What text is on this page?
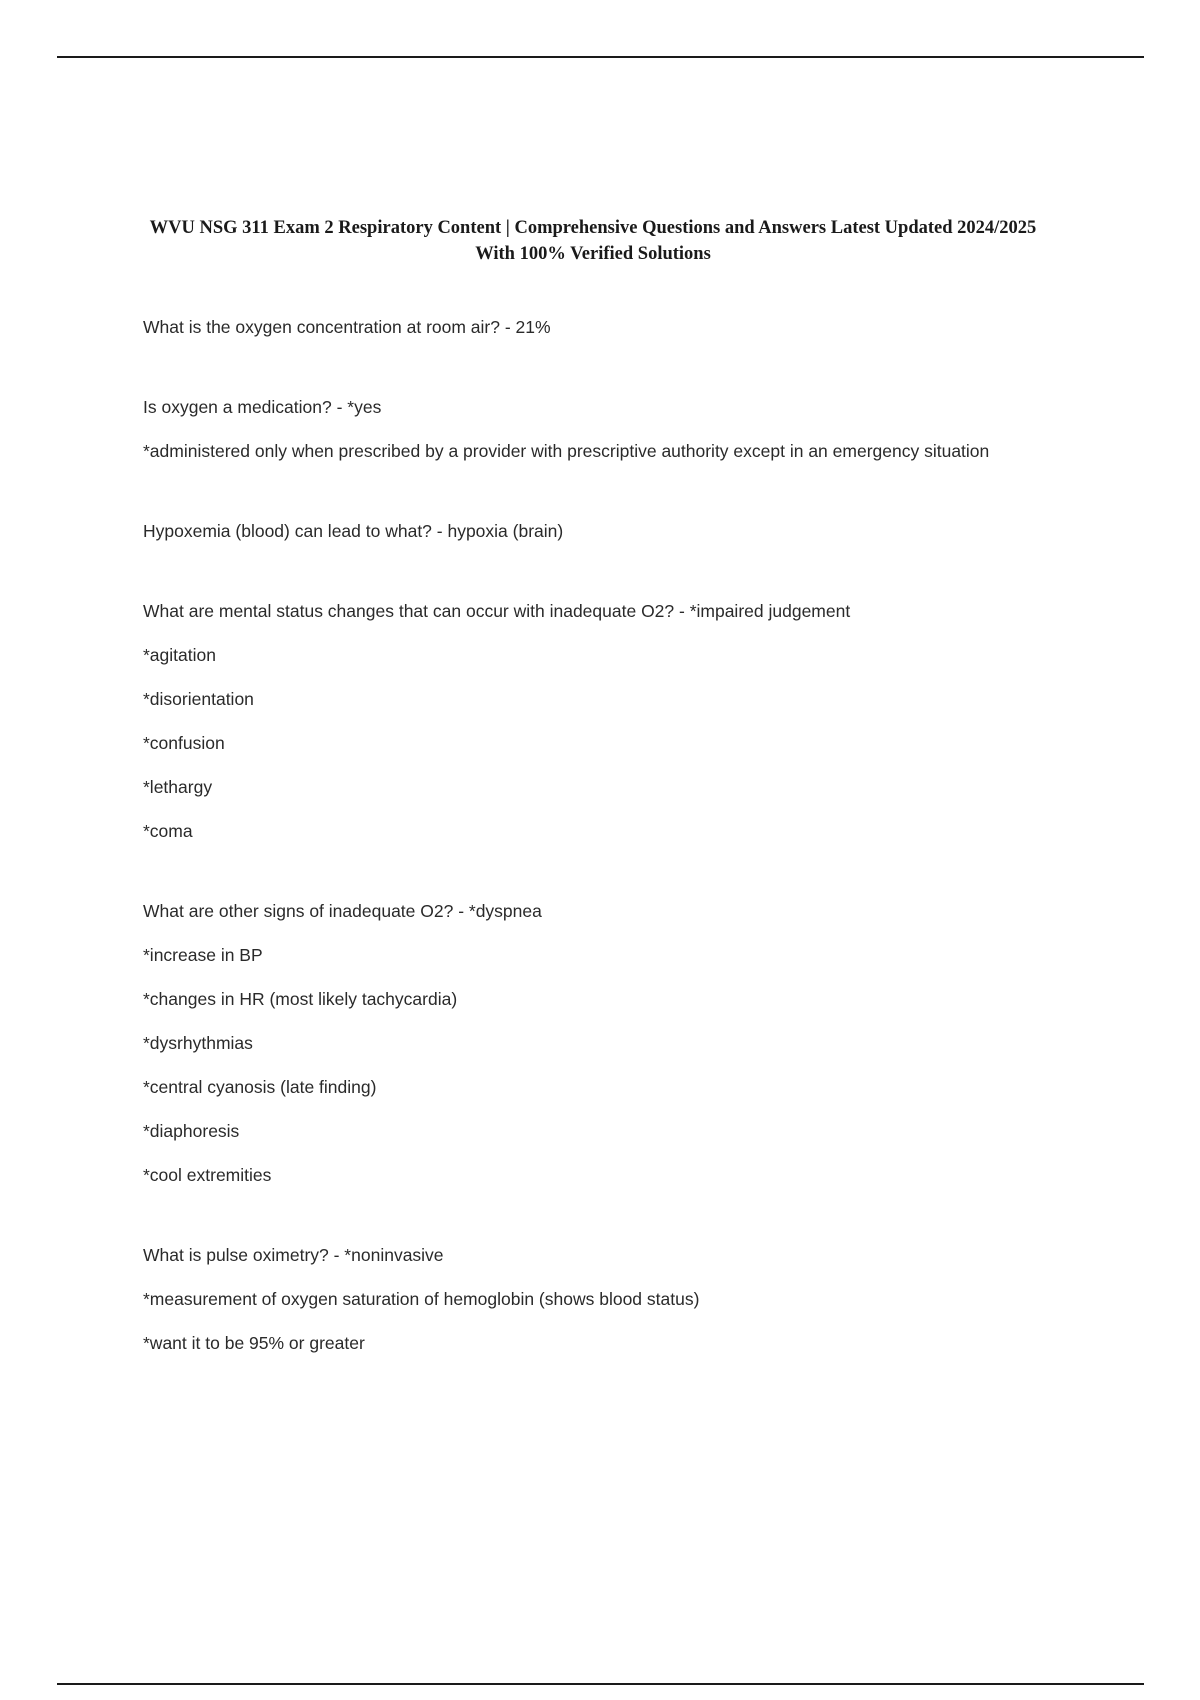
WVU NSG 311 Exam 2 Respiratory Content | Comprehensive Questions and Answers Latest Updated 2024/2025 With 100% Verified Solutions

What is the oxygen concentration at room air? - 21%

Is oxygen a medication? - *yes

*administered only when prescribed by a provider with prescriptive authority except in an emergency situation

Hypoxemia (blood) can lead to what? - hypoxia (brain)

What are mental status changes that can occur with inadequate O2? - *impaired judgement

*agitation

*disorientation

*confusion

*lethargy

*coma

What are other signs of inadequate O2? - *dyspnea

*increase in BP

*changes in HR (most likely tachycardia)

*dysrhythmias

*central cyanosis (late finding)

*diaphoresis

*cool extremities

What is pulse oximetry? - *noninvasive

*measurement of oxygen saturation of hemoglobin (shows blood status)

*want it to be 95% or greater
